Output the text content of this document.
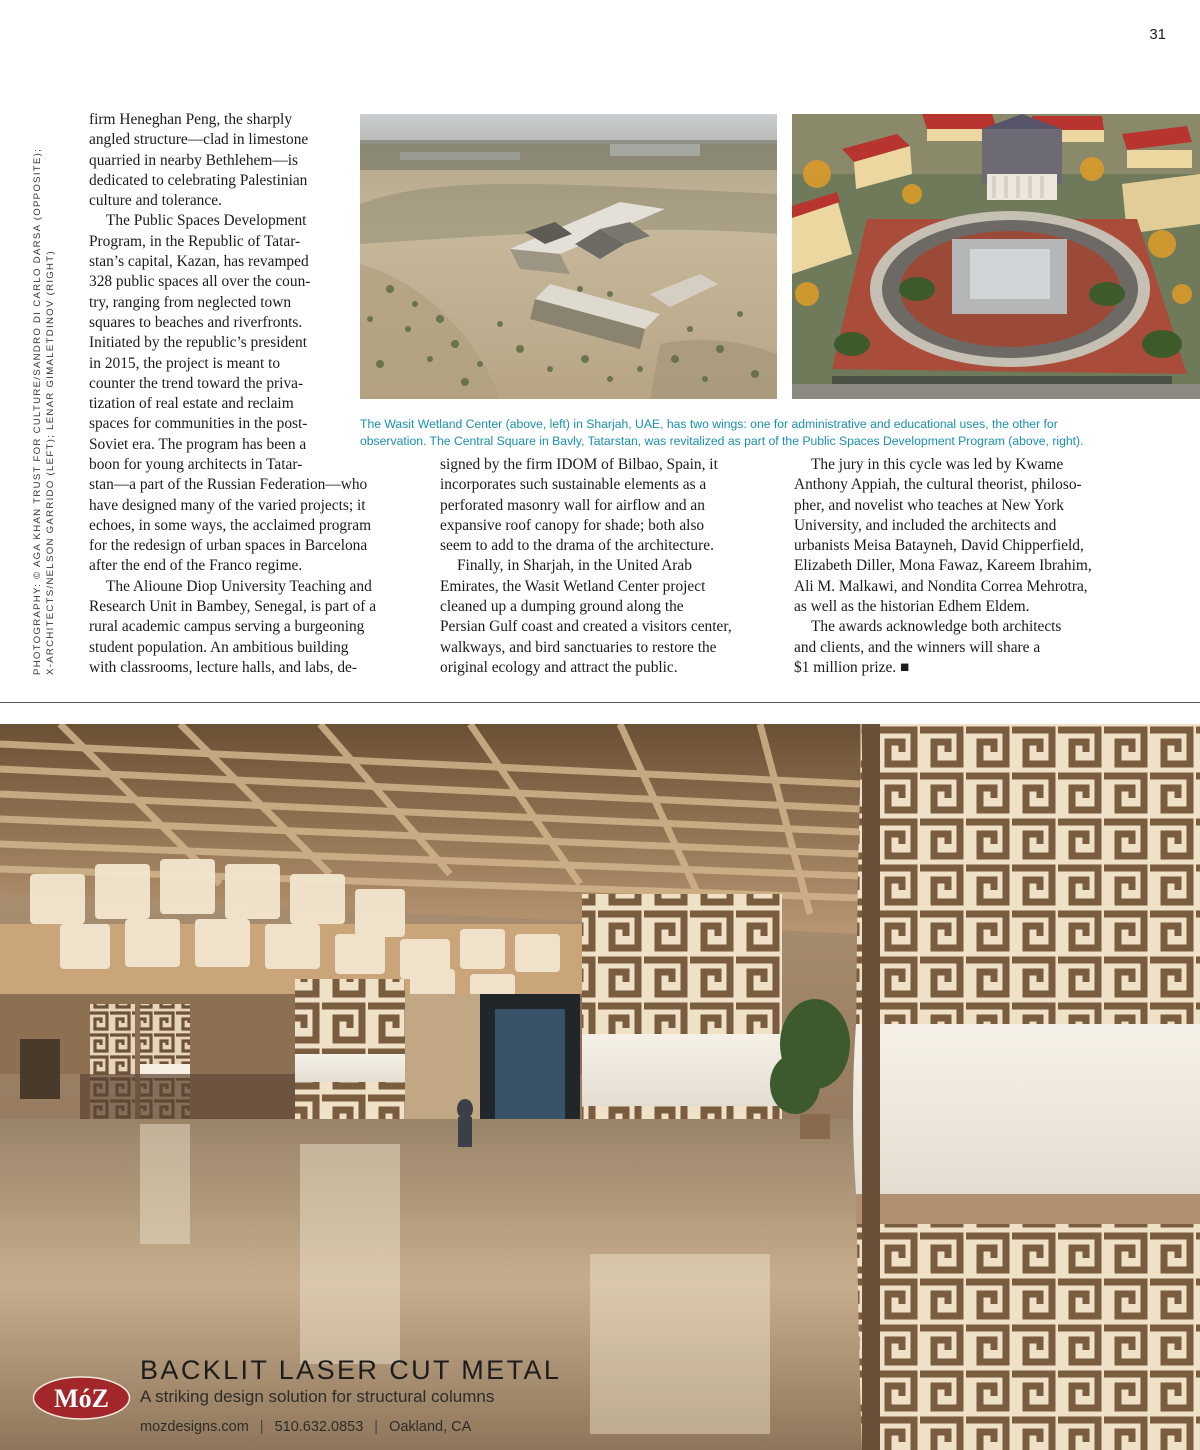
31
PHOTOGRAPHY: © AGA KHAN TRUST FOR CULTURE/SANDRO DI CARLO DARSA (OPPOSITE); X-ARCHITECTS/NELSON GARRIDO (LEFT); LENAR GIMALETDINOV (RIGHT)
firm Heneghan Peng, the sharply
angled structure—clad in limestone
quarried in nearby Bethlehem—is
dedicated to celebrating Palestinian
culture and tolerance.
The Public Spaces Development
Program, in the Republic of Tatar-
stan’s capital, Kazan, has revamped
328 public spaces all over the coun-
try, ranging from neglected town
squares to beaches and riverfronts.
Initiated by the republic’s president
in 2015, the project is meant to
counter the trend toward the priva-
tization of real estate and reclaim
spaces for communities in the post-
Soviet era. The program has been a
boon for young architects in Tatar-
stan—a part of the Russian Federation—who
have designed many of the varied projects; it
echoes, in some ways, the acclaimed program
for the redesign of urban spaces in Barcelona
after the end of the Franco regime.
The Alioune Diop University Teaching and
Research Unit in Bambey, Senegal, is part of a
rural academic campus serving a burgeoning
student population. An ambitious building
with classrooms, lecture halls, and labs, de-
signed by the firm IDOM of Bilbao, Spain, it
incorporates such sustainable elements as a
perforated masonry wall for airflow and an
expansive roof canopy for shade; both also
seem to add to the drama of the architecture.
Finally, in Sharjah, in the United Arab
Emirates, the Wasit Wetland Center project
cleaned up a dumping ground along the
Persian Gulf coast and created a visitors center,
walkways, and bird sanctuaries to restore the
original ecology and attract the public.
The jury in this cycle was led by Kwame
Anthony Appiah, the cultural theorist, philoso-
pher, and novelist who teaches at New York
University, and included the architects and
urbanists Meisa Batayneh, David Chipperfield,
Elizabeth Diller, Mona Fawaz, Kareem Ibrahim,
Ali M. Malkawi, and Nondita Correa Mehrotra,
as well as the historian Edhem Eldem.
The awards acknowledge both architects
and clients, and the winners will share a
$1 million prize. ■
The Wasit Wetland Center (above, left) in Sharjah, UAE, has two wings: one for administrative and educational uses, the other for
observation. The Central Square in Bavly, Tatarstan, was revitalized as part of the Public Spaces Development Program (above, right).
MóZ
BACKLIT LASER CUT METAL
A striking design solution for structural columns
mozdesigns.com | 510.632.0853 | Oakland, CA
